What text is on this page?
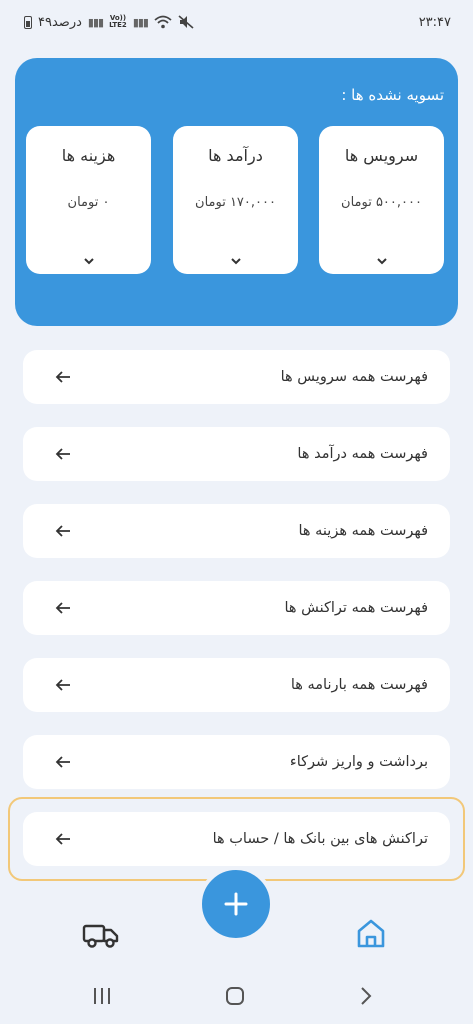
۴۹درصد ▮▮▮ Vo))
LTE2 ▮▮▮	۲۳:۴۷
تسویه نشده ها :
سرویس ها
۵۰۰,۰۰۰ تومان
درآمد ها
۱۷۰,۰۰۰ تومان
هزینه ها
۰ تومان
فهرست همه سرویس ها
فهرست همه درآمد ها
فهرست همه هزینه ها
فهرست همه تراکنش ها
فهرست همه بارنامه ها
برداشت و واریز شرکاء
تراکنش های بین بانک ها / حساب ها
